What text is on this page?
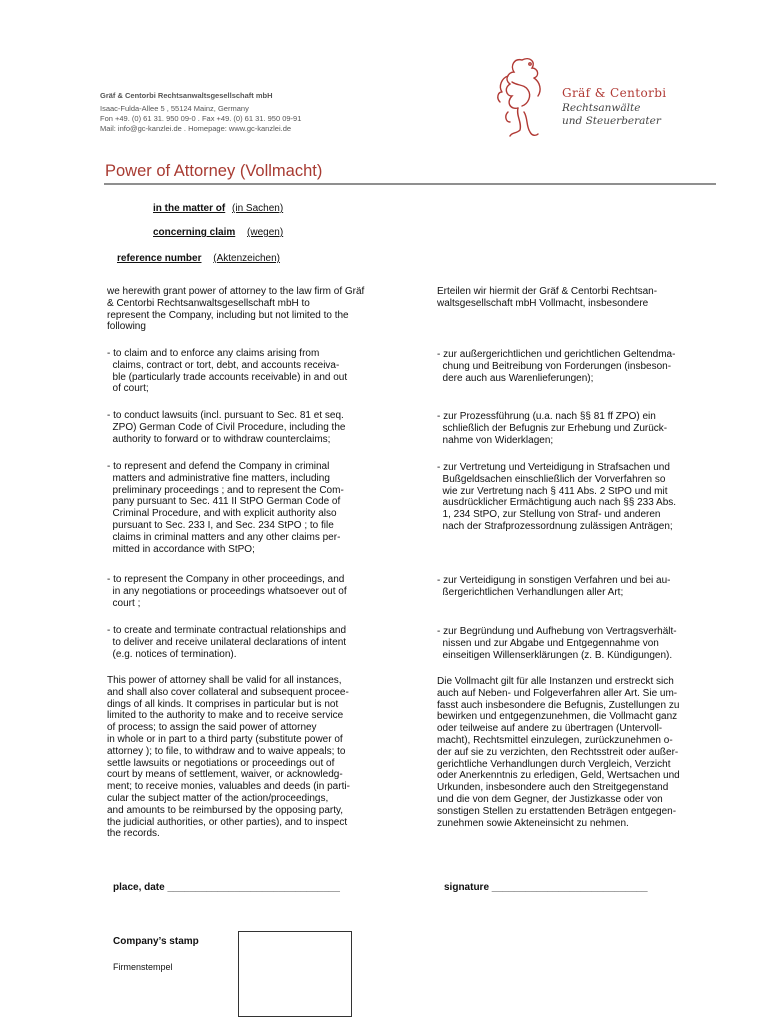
Gräf & Centorbi Rechtsanwaltsgesellschaft mbH
Isaac-Fulda-Allee 5 , 55124 Mainz, Germany
Fon +49. (0) 61 31. 950 09-0 . Fax +49. (0) 61 31. 950 09-91
Mail: info@gc-kanzlei.de . Homepage: www.gc-kanzlei.de
Gräf & Centorbi
Rechtsanwälte
und Steuerberater
Power of Attorney (Vollmacht)
in the matter of (in Sachen)
concerning claim (wegen)
reference number (Aktenzeichen)
we herewith grant power of attorney to the law firm of Gräf
& Centorbi Rechtsanwaltsgesellschaft mbH to
represent the Company, including but not limited to the
following
Erteilen wir hiermit der Gräf & Centorbi Rechtsan-
waltsgesellschaft mbH Vollmacht, insbesondere
- to claim and to enforce any claims arising from
claims, contract or tort, debt, and accounts receiva-
ble (particularly trade accounts receivable) in and out
of court;
- zur außergerichtlichen und gerichtlichen Geltendma-
chung und Beitreibung von Forderungen (insbeson-
dere auch aus Warenlieferungen);
- to conduct lawsuits (incl. pursuant to Sec. 81 et seq.
ZPO) German Code of Civil Procedure, including the
authority to forward or to withdraw counterclaims;
- zur Prozessführung (u.a. nach §§ 81 ff ZPO) ein
schließlich der Befugnis zur Erhebung und Zurück-
nahme von Widerklagen;
- to represent and defend the Company in criminal
matters and administrative fine matters, including
preliminary proceedings ; and to represent the Com-
pany pursuant to Sec. 411 II StPO German Code of
Criminal Procedure, and with explicit authority also
pursuant to Sec. 233 I, and Sec. 234 StPO ; to file
claims in criminal matters and any other claims per-
mitted in accordance with StPO;
- zur Vertretung und Verteidigung in Strafsachen und
Bußgeldsachen einschließlich der Vorverfahren so
wie zur Vertretung nach § 411 Abs. 2 StPO und mit
ausdrücklicher Ermächtigung auch nach §§ 233 Abs.
1, 234 StPO, zur Stellung von Straf- und anderen
nach der Strafprozessordnung zulässigen Anträgen;
- to represent the Company in other proceedings, and
in any negotiations or proceedings whatsoever out of
court ;
- zur Verteidigung in sonstigen Verfahren und bei au-
ßergerichtlichen Verhandlungen aller Art;
- to create and terminate contractual relationships and
to deliver and receive unilateral declarations of intent
(e.g. notices of termination).
- zur Begründung und Aufhebung von Vertragsverhält-
nissen und zur Abgabe und Entgegennahme von
einseitigen Willenserklärungen (z. B. Kündigungen).
This power of attorney shall be valid for all instances,
and shall also cover collateral and subsequent procee-
dings of all kinds. It comprises in particular but is not
limited to the authority to make and to receive service
of process; to assign the said power of attorney
in whole or in part to a third party (substitute power of
attorney ); to file, to withdraw and to waive appeals; to
settle lawsuits or negotiations or proceedings out of
court by means of settlement, waiver, or acknowledg-
ment; to receive monies, valuables and deeds (in parti-
cular the subject matter of the action/proceedings,
and amounts to be reimbursed by the opposing party,
the judicial authorities, or other parties), and to inspect
the records.
Die Vollmacht gilt für alle Instanzen und erstreckt sich
auch auf Neben- und Folgeverfahren aller Art. Sie um-
fasst auch insbesondere die Befugnis, Zustellungen zu
bewirken und entgegenzunehmen, die Vollmacht ganz
oder teilweise auf andere zu übertragen (Untervoll-
macht), Rechtsmittel einzulegen, zurückzunehmen o-
der auf sie zu verzichten, den Rechtsstreit oder außer-
gerichtliche Verhandlungen durch Vergleich, Verzicht
oder Anerkenntnis zu erledigen, Geld, Wertsachen und
Urkunden, insbesondere auch den Streitgegenstand
und die von dem Gegner, der Justizkasse oder von
sonstigen Stellen zu erstattenden Beträgen entgegen-
zunehmen sowie Akteneinsicht zu nehmen.
place, date _______________________________	signature ____________________________
Company’s stamp
Firmenstempel
